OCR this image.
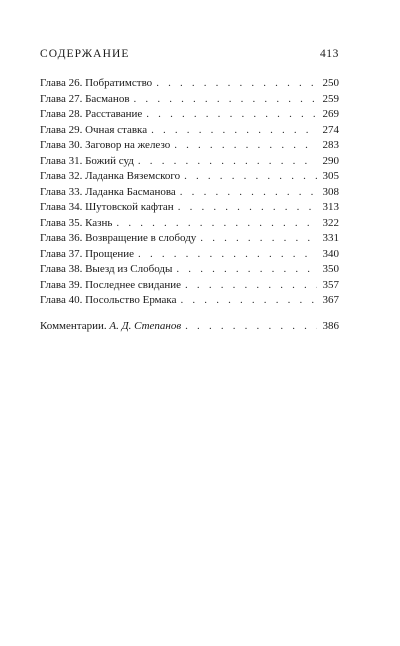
СОДЕРЖАНИЕ	413
Глава 26. Побратимство . . .	250
Глава 27. Басманов . . .	259
Глава 28. Расставание . . .	269
Глава 29. Очная ставка . . .	274
Глава 30. Заговор на железо . . .	283
Глава 31. Божий суд . . .	290
Глава 32. Ладанка Вяземского . . .	305
Глава 33. Ладанка Басманова . . .	308
Глава 34. Шутовской кафтан . . .	313
Глава 35. Казнь . . .	322
Глава 36. Возвращение в слободу . . .	331
Глава 37. Прощение . . .	340
Глава 38. Выезд из Слободы . . .	350
Глава 39. Последнее свидание . . .	357
Глава 40. Посольство Ермака . . .	367
Комментарии. А. Д. Степанов . . .	386
